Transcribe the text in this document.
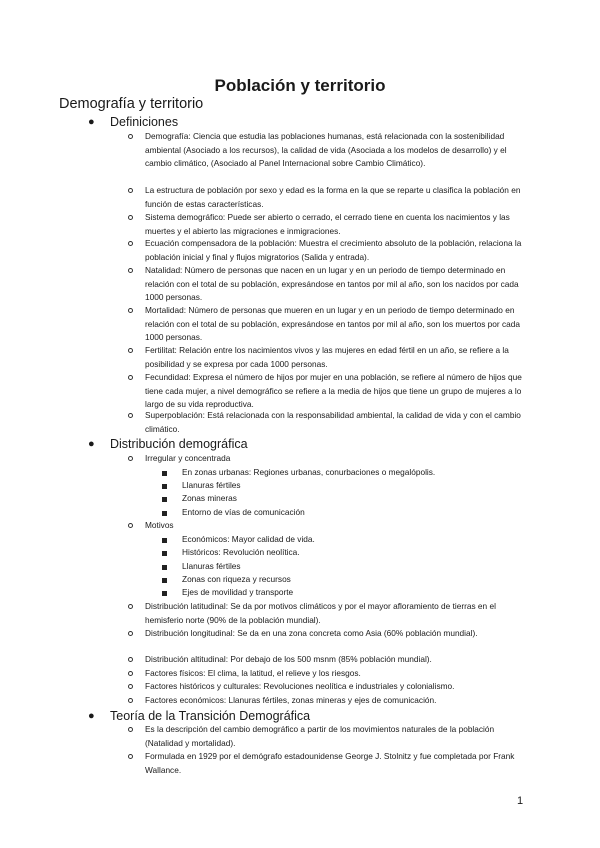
Población y territorio
Demografía y territorio
● Definiciones
Demografía: Ciencia que estudia las poblaciones humanas, está relacionada con la sostenibilidad ambiental (Asociado a los recursos), la calidad de vida (Asociada a los modelos de desarrollo) y el cambio climático, (Asociado al Panel Internacional sobre Cambio Climático).
La estructura de población por sexo y edad es la forma en la que se reparte u clasifica la población en función de estas características.
Sistema demográfico: Puede ser abierto o cerrado, el cerrado tiene en cuenta los nacimientos y las muertes y el abierto las migraciones e inmigraciones.
Ecuación compensadora de la población: Muestra el crecimiento absoluto de la población, relaciona la población inicial y final y flujos migratorios (Salida y entrada).
Natalidad: Número de personas que nacen en un lugar y en un periodo de tiempo determinado en relación con el total de su población, expresándose en tantos por mil al año, son los nacidos por cada 1000 personas.
Mortalidad: Número de personas que mueren en un lugar y en un periodo de tiempo determinado en relación con el total de su población, expresándose en tantos por mil al año, son los muertos por cada 1000 personas.
Fertilitat: Relación entre los nacimientos vivos y las mujeres en edad fértil en un año, se refiere a la posibilidad y se expresa por cada 1000 personas.
Fecundidad: Expresa el número de hijos por mujer en una población, se refiere al número de hijos que tiene cada mujer, a nivel demográfico se refiere a la media de hijos que tiene un grupo de mujeres a lo largo de su vida reproductiva.
Superpoblación: Está relacionada con la responsabilidad ambiental, la calidad de vida y con el cambio climático.
● Distribución demográfica
Irregular y concentrada
En zonas urbanas: Regiones urbanas, conurbaciones o megalópolis.
Llanuras fértiles
Zonas mineras
Entorno de vías de comunicación
Motivos
Económicos: Mayor calidad de vida.
Históricos: Revolución neolítica.
Llanuras fértiles
Zonas con riqueza y recursos
Ejes de movilidad y transporte
Distribución latitudinal: Se da por motivos climáticos y por el mayor afloramiento de tierras en el hemisferio norte (90% de la población mundial).
Distribución longitudinal: Se da en una zona concreta como Asia (60% población mundial).
Distribución altitudinal: Por debajo de los 500 msnm (85% población mundial).
Factores físicos: El clima, la latitud, el relieve y los riesgos.
Factores históricos y culturales: Revoluciones neolítica e industriales y colonialismo.
Factores económicos: Llanuras fértiles, zonas mineras y ejes de comunicación.
● Teoría de la Transición Demográfica
Es la descripción del cambio demográfico a partir de los movimientos naturales de la población (Natalidad y mortalidad).
Formulada en 1929 por el demógrafo estadounidense George J. Stolnitz y fue completada por Frank Wallance.
1
